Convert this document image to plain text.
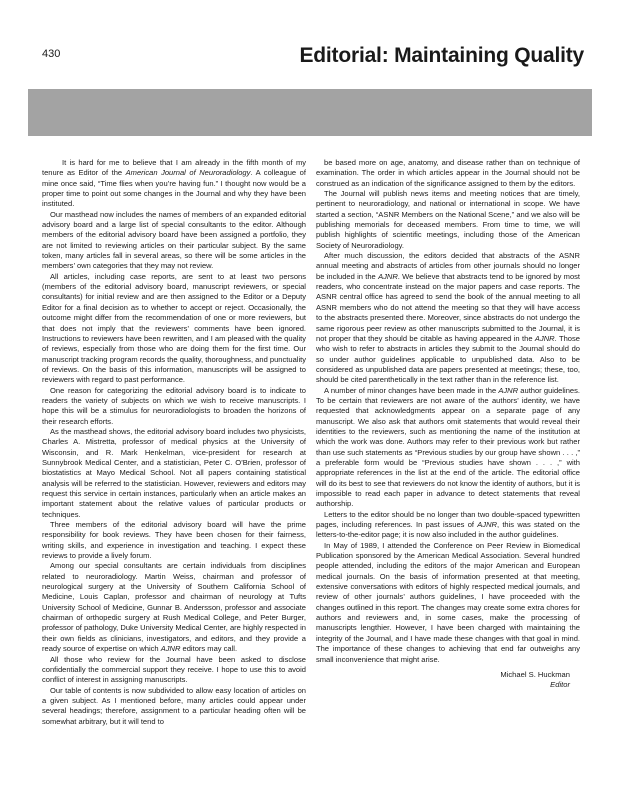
430	Editorial: Maintaining Quality

It is hard for me to believe that I am already in the fifth month of my tenure as Editor of the American Journal of Neuroradiology. A colleague of mine once said, “Time flies when you’re having fun.” I thought now would be a proper time to point out some changes in the Journal and why they have been instituted.

Our masthead now includes the names of members of an expanded editorial advisory board and a large list of special consultants to the editor. Although members of the editorial advisory board have been assigned a portfolio, they are not limited to reviewing articles on their particular subject. By the same token, many articles fall in several areas, so there will be some articles in the members’ own categories that they may not review.

All articles, including case reports, are sent to at least two persons (members of the editorial advisory board, manuscript reviewers, or special consultants) for initial review and are then assigned to the Editor or a Deputy Editor for a final decision as to whether to accept or reject. Occasionally, the outcome might differ from the recommendation of one or more reviewers, but that does not imply that the reviewers’ comments have been ignored. Instructions to reviewers have been rewritten, and I am pleased with the quality of reviews, especially from those who are doing them for the first time. Our manuscript tracking program records the quality, thoroughness, and punctuality of reviews. On the basis of this information, manuscripts will be assigned to reviewers with regard to past performance.

One reason for categorizing the editorial advisory board is to indicate to readers the variety of subjects on which we wish to receive manuscripts. I hope this will be a stimulus for neuroradiologists to broaden the horizons of their research efforts.

As the masthead shows, the editorial advisory board includes two physicists, Charles A. Mistretta, professor of medical physics at the University of Wisconsin, and R. Mark Henkelman, vice-president for research at Sunnybrook Medical Center, and a statistician, Peter C. O’Brien, professor of biostatistics at Mayo Medical School. Not all papers containing statistical analysis will be referred to the statistician. However, reviewers and editors may request this service in certain instances, particularly when an article makes an important statement about the relative values of particular products or techniques.

Three members of the editorial advisory board will have the prime responsibility for book reviews. They have been chosen for their fairness, writing skills, and experience in investigation and teaching. I expect these reviews to provide a lively forum.

Among our special consultants are certain individuals from disciplines related to neuroradiology. Martin Weiss, chairman and professor of neurological surgery at the University of Southern California School of Medicine, Louis Caplan, professor and chairman of neurology at Tufts University School of Medicine, Gunnar B. Andersson, professor and associate chairman of orthopedic surgery at Rush Medical College, and Peter Burger, professor of pathology, Duke University Medical Center, are highly respected in their own fields as clinicians, investigators, and editors, and they provide a ready source of expertise on which AJNR editors may call.

All those who review for the Journal have been asked to disclose confidentially the commercial support they receive. I hope to use this to avoid conflict of interest in assigning manuscripts.

Our table of contents is now subdivided to allow easy location of articles on a given subject. As I mentioned before, many articles could appear under several headings; therefore, assignment to a particular heading often will be somewhat arbitrary, but it will tend to

be based more on age, anatomy, and disease rather than on technique of examination. The order in which articles appear in the Journal should not be construed as an indication of the significance assigned to them by the editors.

The Journal will publish news items and meeting notices that are timely, pertinent to neuroradiology, and national or international in scope. We have started a section, “ASNR Members on the National Scene,” and we also will be publishing memorials for deceased members. From time to time, we will publish highlights of scientific meetings, including those of the American Society of Neuroradiology.

After much discussion, the editors decided that abstracts of the ASNR annual meeting and abstracts of articles from other journals should no longer be included in the AJNR. We believe that abstracts tend to be ignored by most readers, who concentrate instead on the major papers and case reports. The ASNR central office has agreed to send the book of the annual meeting to all ASNR members who do not attend the meeting so that they will have access to the abstracts presented there. Moreover, since abstracts do not undergo the same rigorous peer review as other manuscripts submitted to the Journal, it is not proper that they should be citable as having appeared in the AJNR. Those who wish to refer to abstracts in articles they submit to the Journal should do so under author guidelines applicable to unpublished data. Also to be considered as unpublished data are papers presented at meetings; these, too, should be cited parenthetically in the text rather than in the reference list.

A number of minor changes have been made in the AJNR author guidelines. To be certain that reviewers are not aware of the authors’ identity, we have requested that acknowledgments appear on a separate page of any manuscript. We also ask that authors omit statements that would reveal their identities to the reviewers, such as mentioning the name of the institution at which the work was done. Authors may refer to their previous work but rather than use such statements as “Previous studies by our group have shown . . . ,” a preferable form would be “Previous studies have shown . . . ,” with appropriate references in the list at the end of the article. The editorial office will do its best to see that reviewers do not know the identity of authors, but it is impossible to read each paper in advance to detect statements that reveal authorship.

Letters to the editor should be no longer than two double-spaced typewritten pages, including references. In past issues of AJNR, this was stated on the letters-to-the-editor page; it is now also included in the author guidelines.

In May of 1989, I attended the Conference on Peer Review in Biomedical Publication sponsored by the American Medical Association. Several hundred people attended, including the editors of the major American and European medical journals. On the basis of information presented at that meeting, extensive conversations with editors of highly respected medical journals, and review of other journals’ authors guidelines, I have proceeded with the changes outlined in this report. The changes may create some extra chores for authors and reviewers and, in some cases, make the processing of manuscripts lengthier. However, I have been charged with maintaining the integrity of the Journal, and I have made these changes with that goal in mind. The importance of these changes to achieving that end far outweighs any small inconvenience that might arise.

Michael S. Huckman
Editor
